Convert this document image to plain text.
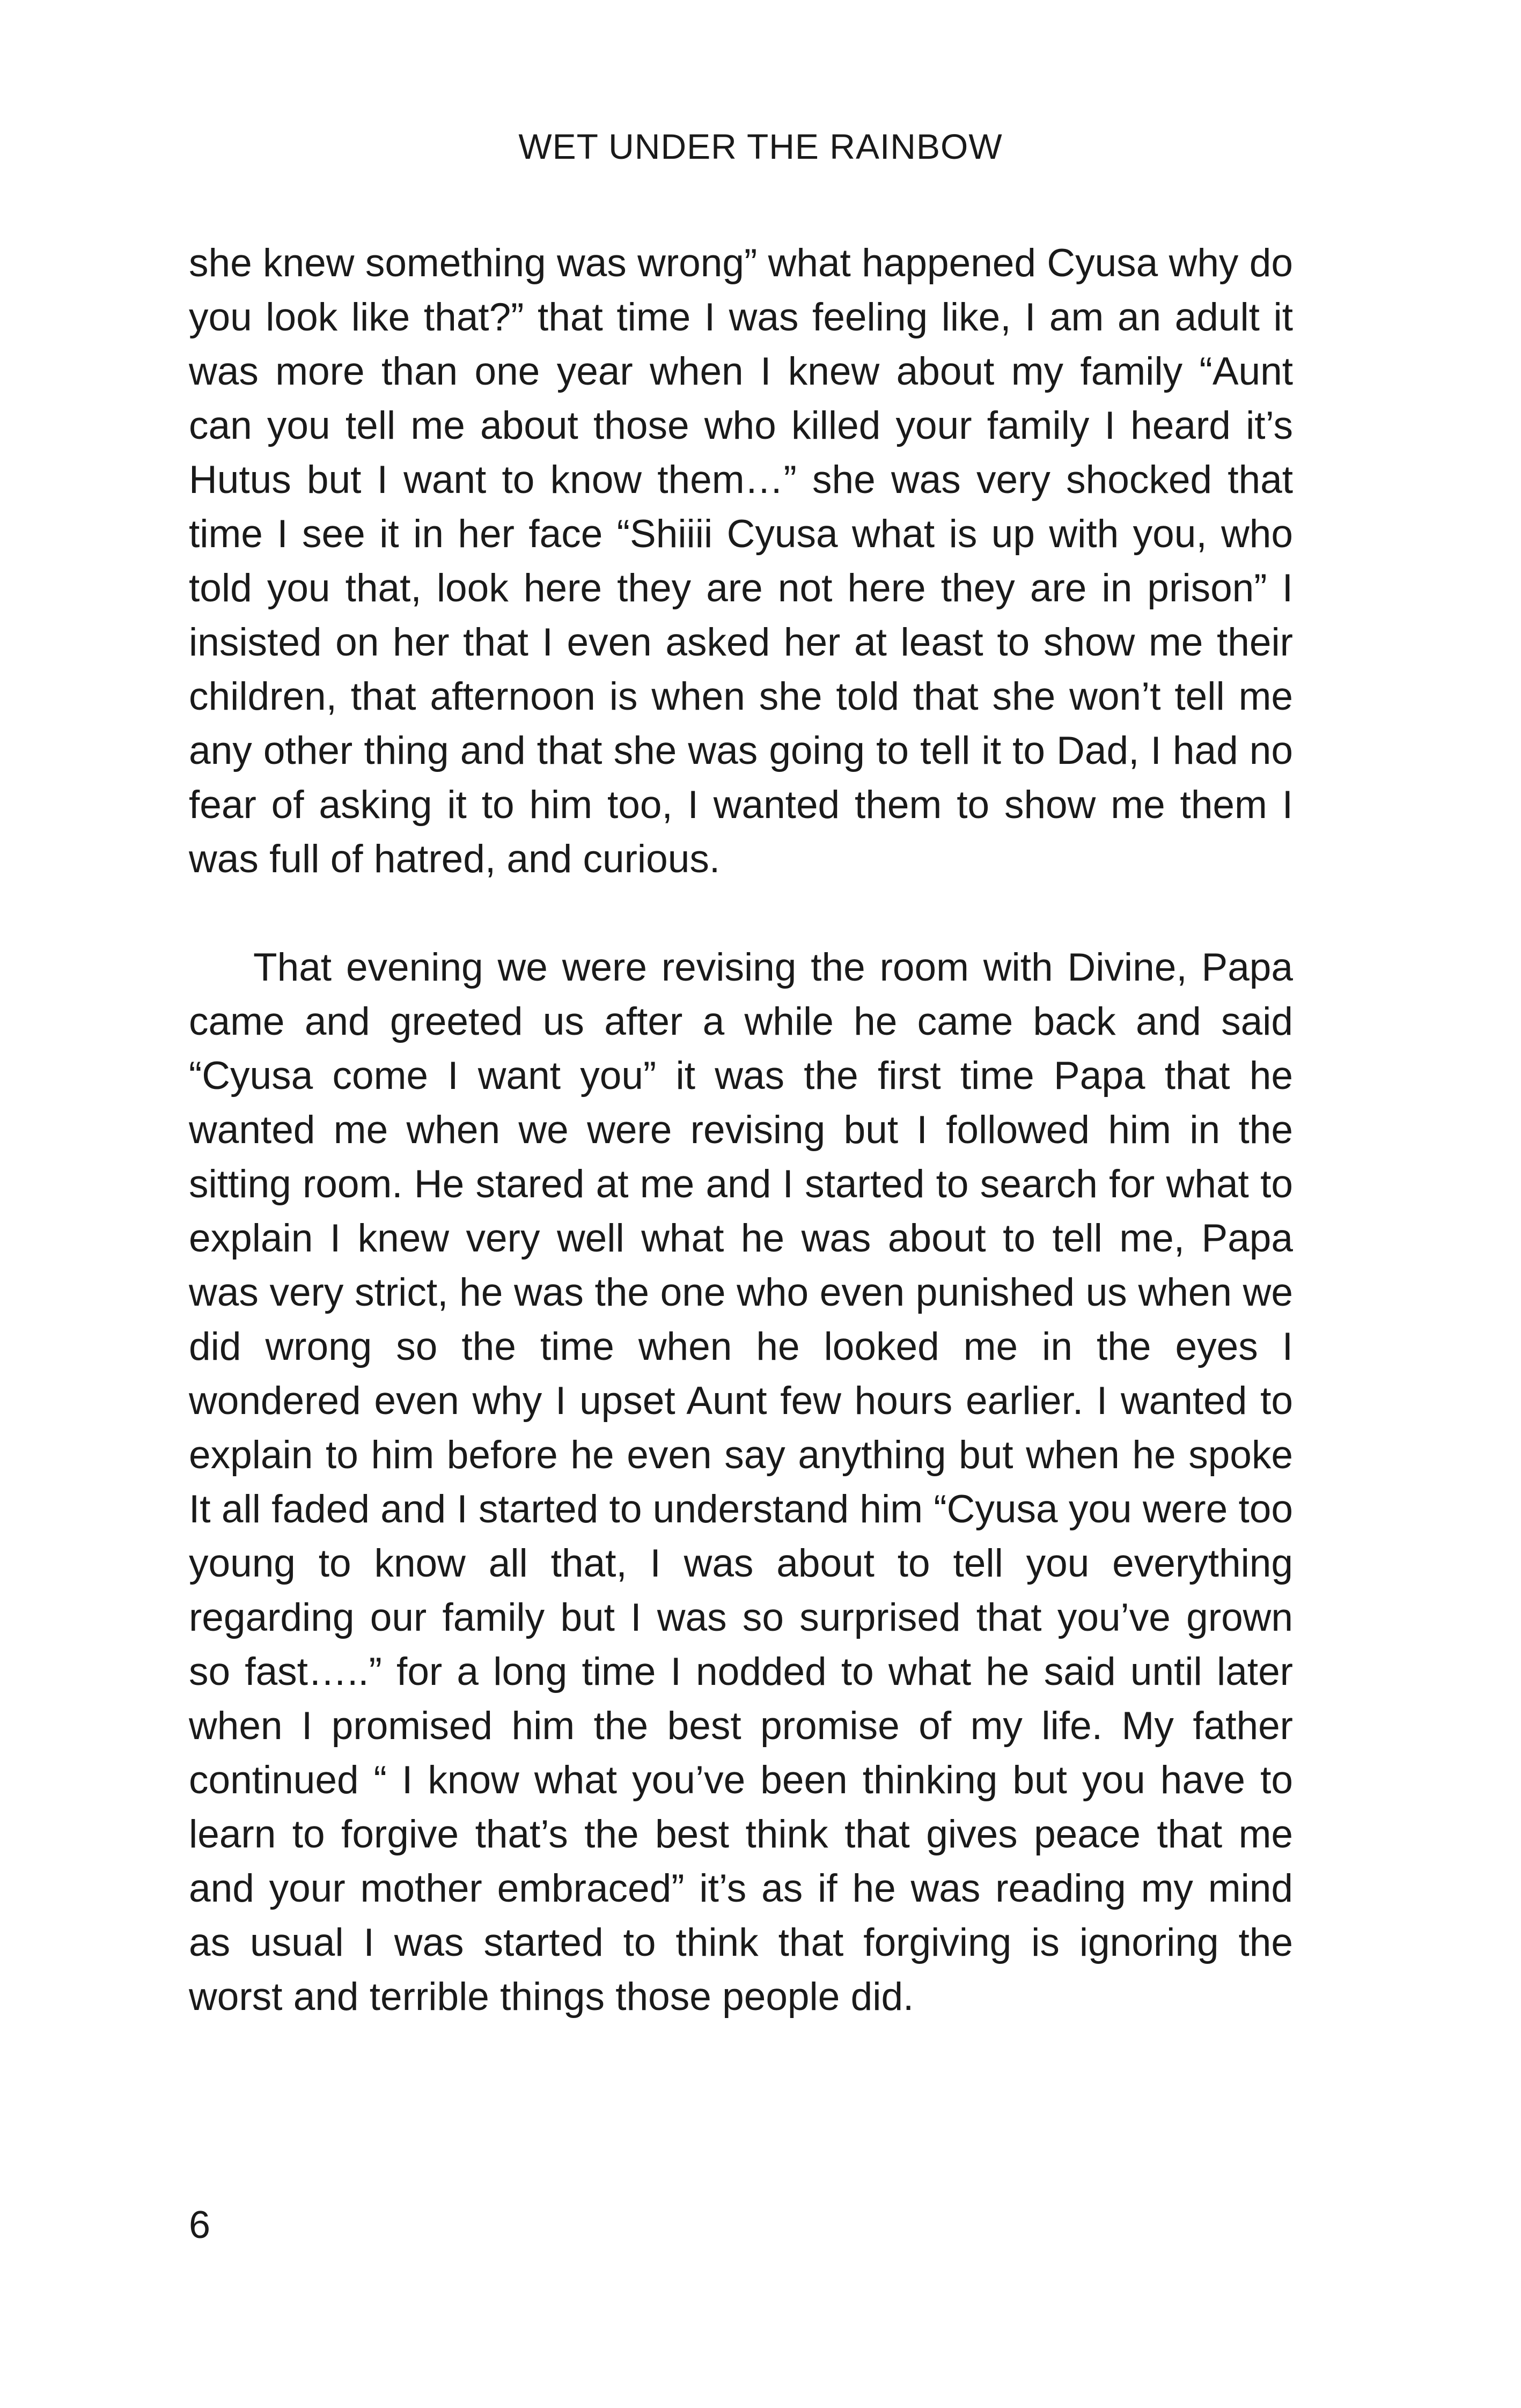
WET UNDER THE RAINBOW

she knew something was wrong” what happened Cyusa why do you look like that?” that time I was feeling like, I am an adult it was more than one year when I knew about my family “Aunt can you tell me about those who killed your family I heard it’s Hutus but I want to know them…” she was very shocked that time I see it in her face “Shiiii Cyusa what is up with you, who told you that, look here they are not here they are in prison” I insisted on her that I even asked her at least to show me their children, that afternoon is when she told that she won’t tell me any other thing and that she was going to tell it to Dad, I had no fear of asking it to him too, I wanted them to show me them I was full of hatred, and curious.

That evening we were revising the room with Divine, Papa came and greeted us after a while he came back and said “Cyusa come I want you” it was the first time Papa that he wanted me when we were revising but I followed him in the sitting room. He stared at me and I started to search for what to explain I knew very well what he was about to tell me, Papa was very strict, he was the one who even punished us when we did wrong so the time when he looked me in the eyes I wondered even why I upset Aunt few hours earlier. I wanted to explain to him before he even say anything but when he spoke It all faded and I started to understand him “Cyusa you were too young to know all that, I was about to tell you everything regarding our family but I was so surprised that you’ve grown so fast…..” for a long time I nodded to what he said until later when I promised him the best promise of my life. My father continued “ I know what you’ve been thinking but you have to learn to forgive that’s the best think that gives peace that me and your mother embraced” it’s as if he was reading my mind as usual I was started to think that forgiving is ignoring the worst and terrible things those people did.

6
